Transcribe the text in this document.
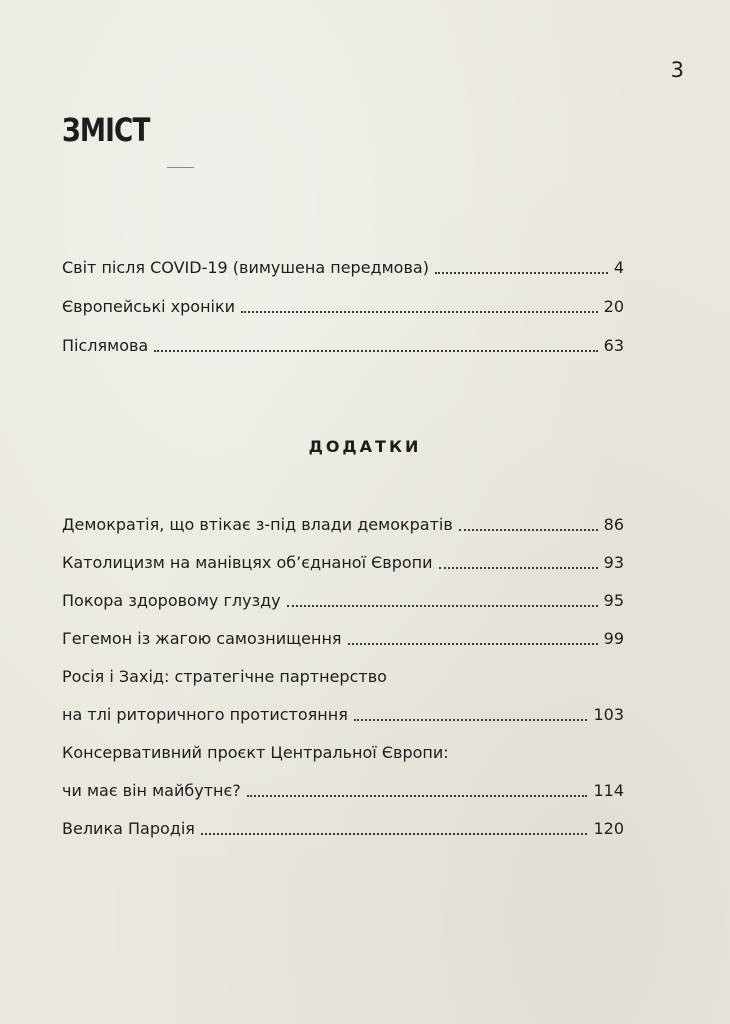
3
ЗМІСТ
Світ після COVID-19 (вимушена передмова)	4
Європейські хроніки	20
Післямова	63
ДОДАТКИ
Демократія, що втікає з-під влади демократів	86
Католицизм на манівцях об’єднаної Європи	93
Покора здоровому глузду	95
Гегемон із жагою самознищення	99
Росія і Захід: стратегічне партнерство
на тлі риторичного протистояння	103
Консервативний проєкт Центральної Європи:
чи має він майбутнє?	114
Велика Пародія	120
